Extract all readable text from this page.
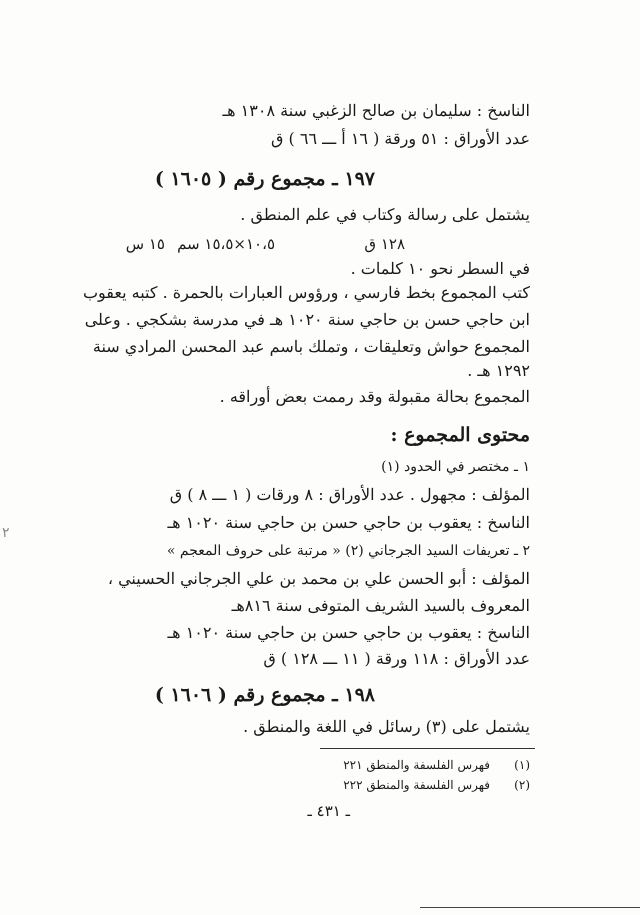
الناسخ : سليمان بن صالح الزغبي سنة ١٣٠٨ هـ
عدد الأوراق : ٥١ ورقة ( ١٦ أ ـــ ٦٦ ) ق
١٩٧ ـ مجموع رقم ( ١٦٠٥ )
يشتمل على رسالة وكتاب في علم المنطق .
١٢٨ ق
١٠،٥×١٥،٥ سم
١٥ س
في السطر نحو ١٠ كلمات .
كتب المجموع بخط فارسي ، ورؤوس العبارات بالحمرة . كتبه يعقوب
ابن حاجي حسن بن حاجي سنة ١٠٢٠ هـ في مدرسة بشكجي . وعلى
المجموع حواش وتعليقات ، وتملك باسم عبد المحسن المرادي سنة
١٢٩٢ هـ .
المجموع بحالة مقبولة وقد رممت بعض أوراقه .
محتوى المجموع :
١ ـ مختصر في الحدود (١)
المؤلف : مجهول . عدد الأوراق : ٨ ورقات ( ١ ـــ ٨ ) ق
الناسخ : يعقوب بن حاجي حسن بن حاجي سنة ١٠٢٠ هـ
٢ ـ تعريفات السيد الجرجاني (٢) « مرتبة على حروف المعجم »
المؤلف : أبو الحسن علي بن محمد بن علي الجرجاني الحسيني ،
المعروف بالسيد الشريف المتوفى سنة ٨١٦هـ
الناسخ : يعقوب بن حاجي حسن بن حاجي سنة ١٠٢٠ هـ
عدد الأوراق : ١١٨ ورقة ( ١١ ـــ ١٢٨ ) ق
١٩٨ ـ مجموع رقم ( ١٦٠٦ )
يشتمل على (٣) رسائل في اللغة والمنطق .
(١)
فهرس الفلسفة والمنطق ٢٢١
(٢)
فهرس الفلسفة والمنطق ٢٢٢
ـ ٤٣١ ـ
٢
